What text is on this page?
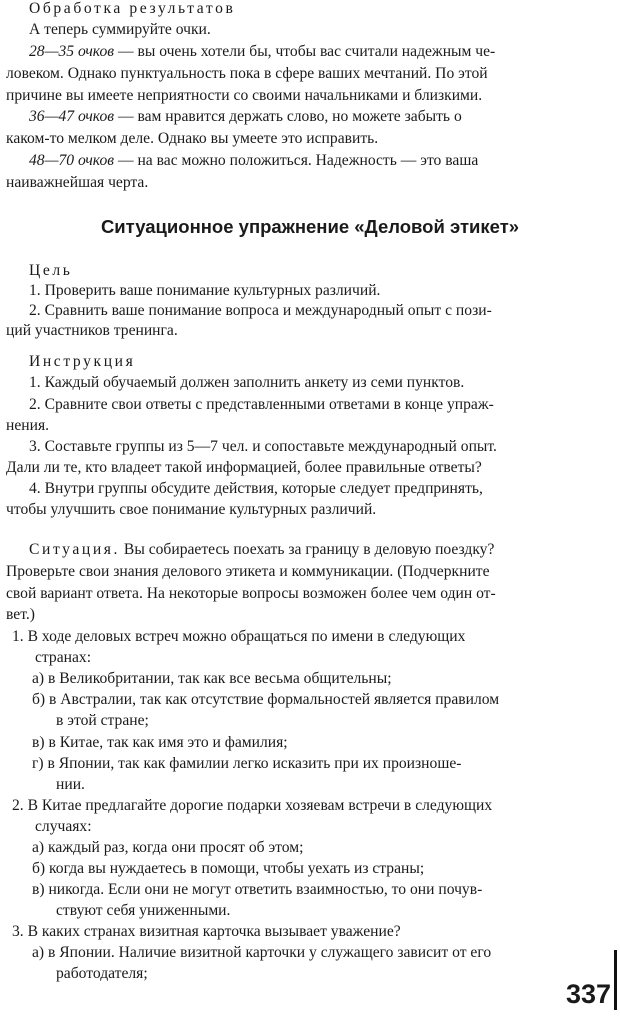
Обработка результатов
А теперь суммируйте очки.
28—35 очков — вы очень хотели бы, чтобы вас считали надежным че-
ловеком. Однако пунктуальность пока в сфере ваших мечтаний. По этой
причине вы имеете неприятности со своими начальниками и близкими.
36—47 очков — вам нравится держать слово, но можете забыть о
каком-то мелком деле. Однако вы умеете это исправить.
48—70 очков — на вас можно положиться. Надежность — это ваша
наиважнейшая черта.
Ситуационное упражнение «Деловой этикет»
Цель
1. Проверить ваше понимание культурных различий.
2. Сравнить ваше понимание вопроса и международный опыт с пози-
ций участников тренинга.
Инструкция
1. Каждый обучаемый должен заполнить анкету из семи пунктов.
2. Сравните свои ответы с представленными ответами в конце упраж-
нения.
3. Составьте группы из 5—7 чел. и сопоставьте международный опыт.
Дали ли те, кто владеет такой информацией, более правильные ответы?
4. Внутри группы обсудите действия, которые следует предпринять,
чтобы улучшить свое понимание культурных различий.
Ситуация. Вы собираетесь поехать за границу в деловую поездку?
Проверьте свои знания делового этикета и коммуникации. (Подчеркните
свой вариант ответа. На некоторые вопросы возможен более чем один от-
вет.)
1. В ходе деловых встреч можно обращаться по имени в следующих
странах:
а) в Великобритании, так как все весьма общительны;
б) в Австралии, так как отсутствие формальностей является правилом
в этой стране;
в) в Китае, так как имя это и фамилия;
г) в Японии, так как фамилии легко исказить при их произноше-
нии.
2. В Китае предлагайте дорогие подарки хозяевам встречи в следующих
случаях:
а) каждый раз, когда они просят об этом;
б) когда вы нуждаетесь в помощи, чтобы уехать из страны;
в) никогда. Если они не могут ответить взаимностью, то они почув-
ствуют себя униженными.
3. В каких странах визитная карточка вызывает уважение?
а) в Японии. Наличие визитной карточки у служащего зависит от его
работодателя;
337
